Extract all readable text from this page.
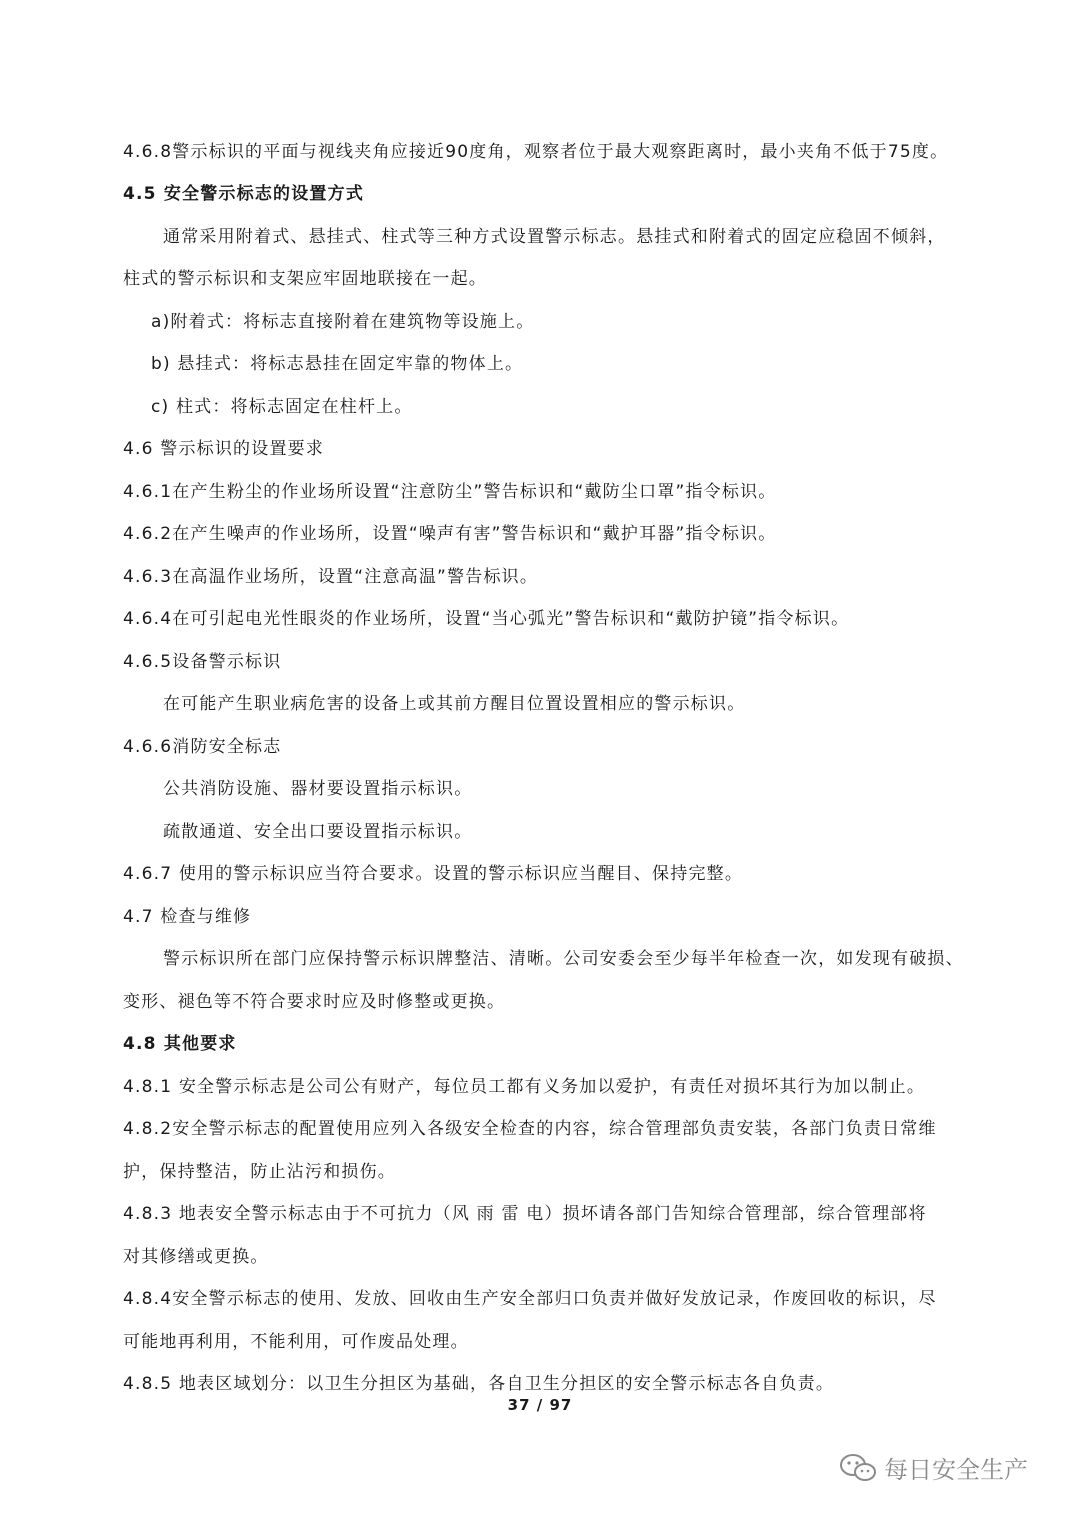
4.6.8警示标识的平面与视线夹角应接近90度角，观察者位于最大观察距离时，最小夹角不低于75度。
4.5 安全警示标志的设置方式
通常采用附着式、悬挂式、柱式等三种方式设置警示标志。悬挂式和附着式的固定应稳固不倾斜，
柱式的警示标识和支架应牢固地联接在一起。
a)附着式：将标志直接附着在建筑物等设施上。
b) 悬挂式：将标志悬挂在固定牢靠的物体上。
c) 柱式：将标志固定在柱杆上。
4.6 警示标识的设置要求
4.6.1在产生粉尘的作业场所设置“注意防尘”警告标识和“戴防尘口罩”指令标识。
4.6.2在产生噪声的作业场所，设置“噪声有害”警告标识和“戴护耳器”指令标识。
4.6.3在高温作业场所，设置“注意高温”警告标识。
4.6.4在可引起电光性眼炎的作业场所，设置“当心弧光”警告标识和“戴防护镜”指令标识。
4.6.5设备警示标识
在可能产生职业病危害的设备上或其前方醒目位置设置相应的警示标识。
4.6.6消防安全标志
公共消防设施、器材要设置指示标识。
疏散通道、安全出口要设置指示标识。
4.6.7 使用的警示标识应当符合要求。设置的警示标识应当醒目、保持完整。
4.7 检查与维修
警示标识所在部门应保持警示标识牌整洁、清晰。公司安委会至少每半年检查一次，如发现有破损、
变形、褪色等不符合要求时应及时修整或更换。
4.8 其他要求
4.8.1 安全警示标志是公司公有财产，每位员工都有义务加以爱护，有责任对损坏其行为加以制止。
4.8.2安全警示标志的配置使用应列入各级安全检查的内容，综合管理部负责安装，各部门负责日常维
护，保持整洁，防止沾污和损伤。
4.8.3 地表安全警示标志由于不可抗力（风 雨 雷 电）损坏请各部门告知综合管理部，综合管理部将
对其修缮或更换。
4.8.4安全警示标志的使用、发放、回收由生产安全部归口负责并做好发放记录，作废回收的标识，尽
可能地再利用，不能利用，可作废品处理。
4.8.5 地表区域划分：以卫生分担区为基础，各自卫生分担区的安全警示标志各自负责。
37 / 97
每日安全生产
